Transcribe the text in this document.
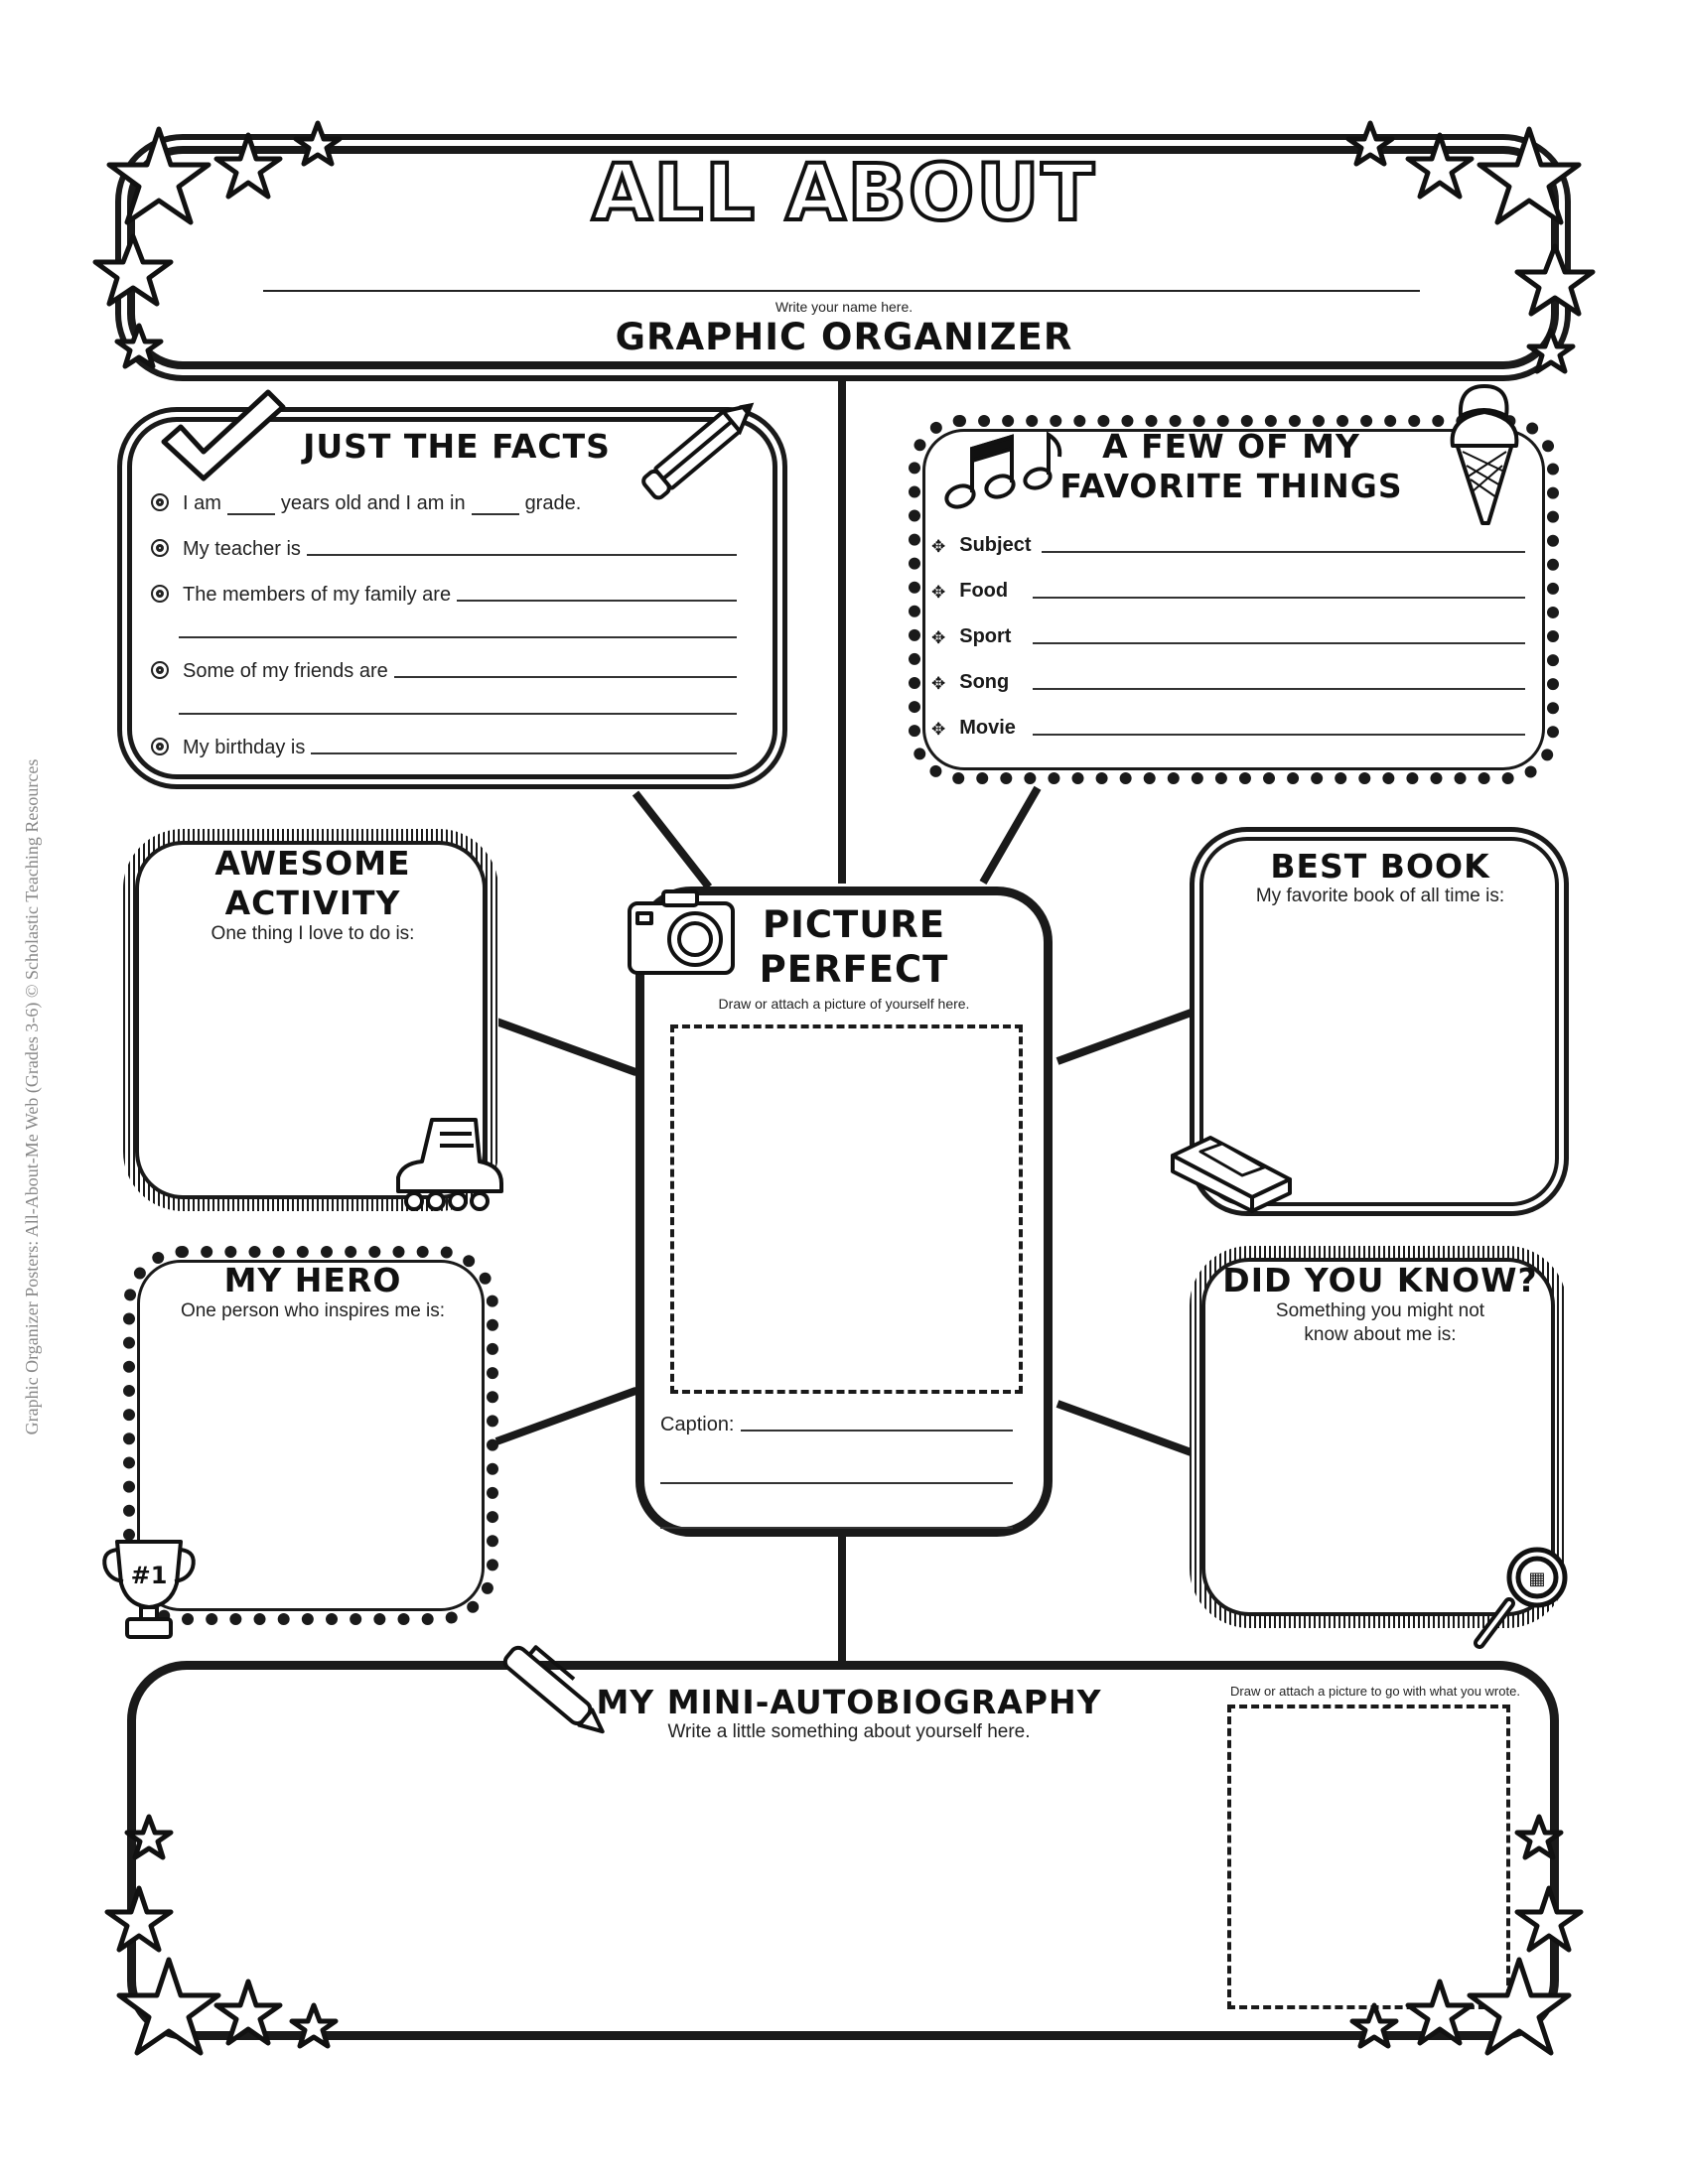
Graphic Organizer Posters: All-About-Me Web (Grades 3-6) © Scholastic Teaching Resources
ALL ABOUT
Write your name here.
GRAPHIC ORGANIZER
JUST THE FACTS
I am	years old and I am in	grade.
My teacher is
The members of my family are
Some of my friends are
My birthday is
A FEW OF MY
FAVORITE THINGS
✥ Subject
✥ Food
✥ Sport
✥ Song
✥ Movie
AWESOME
ACTIVITY
One thing I love to do is:	PICTURE
PERFECT
Draw or attach a picture of yourself here.
Caption:
BEST BOOK
My favorite book of all time is:
MY HERO
One person who inspires me is:
#1
DID YOU KNOW?
Something you might not
know about me is:
▦
MY MINI-AUTOBIOGRAPHY
Write a little something about yourself here.
Draw or attach a picture to go with what you wrote.
